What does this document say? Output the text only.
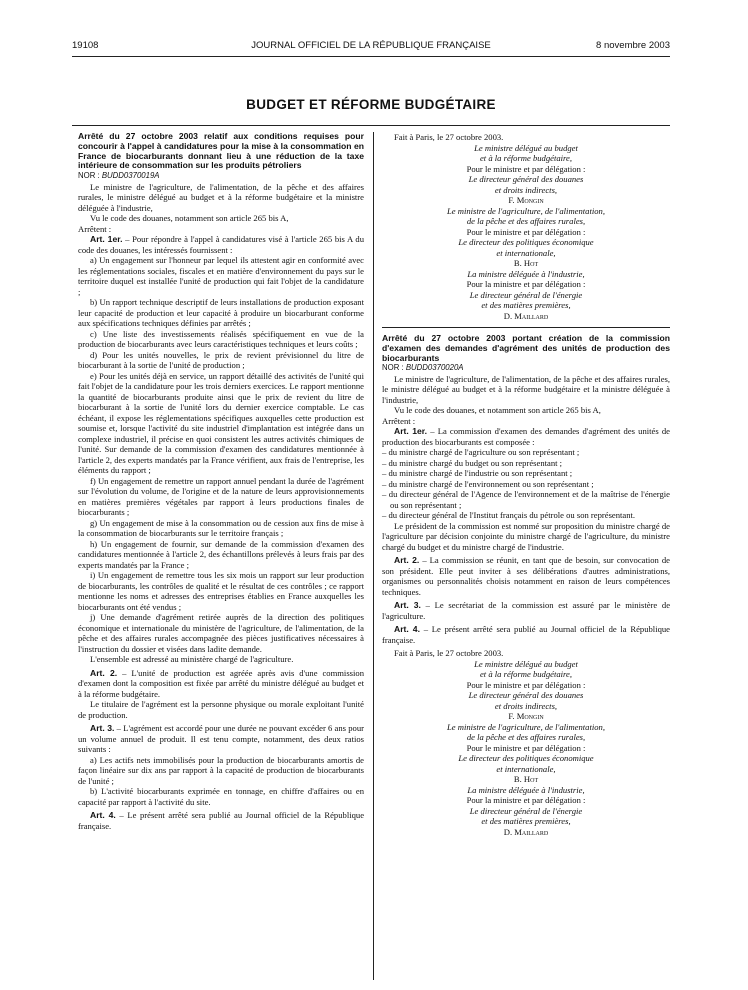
19108	JOURNAL OFFICIEL DE LA RÉPUBLIQUE FRANÇAISE	8 novembre 2003
BUDGET ET RÉFORME BUDGÉTAIRE

Arrêté du 27 octobre 2003 relatif aux conditions requises pour concourir à l'appel à candidatures pour la mise à la consommation en France de biocarburants donnant lieu à une réduction de la taxe intérieure de consommation sur les produits pétroliers

NOR : BUDD0370019A

Le ministre de l'agriculture, de l'alimentation, de la pêche et des affaires rurales, le ministre délégué au budget et à la réforme budgétaire et la ministre déléguée à l'industrie,

Vu le code des douanes, notamment son article 265 bis A,

Arrêtent :

Art. 1er. – Pour répondre à l'appel à candidatures visé à l'article 265 bis A du code des douanes, les intéressés fournissent :

a) Un engagement sur l'honneur par lequel ils attestent agir en conformité avec les réglementations sociales, fiscales et en matière d'environnement du pays sur le territoire duquel est installée l'unité de production qui fait l'objet de la candidature ;

b) Un rapport technique descriptif de leurs installations de production exposant leur capacité de production et leur capacité à produire un biocarburant conforme aux spécifications techniques définies par arrêtés ;

c) Une liste des investissements réalisés spécifiquement en vue de la production de biocarburants avec leurs caractéristiques techniques et leurs coûts ;

d) Pour les unités nouvelles, le prix de revient prévisionnel du litre de biocarburant à la sortie de l'unité de production ;

e) Pour les unités déjà en service, un rapport détaillé des activités de l'unité qui fait l'objet de la candidature pour les trois derniers exercices. Le rapport mentionne la quantité de biocarburants produite ainsi que le prix de revient du litre de biocarburant à la sortie de l'unité lors du dernier exercice comptable. Le cas échéant, il expose les réglementations spécifiques auxquelles cette production est soumise et, lorsque l'activité du site industriel d'implantation est intégrée dans un complexe industriel, il précise en quoi consistent les autres activités chimiques de l'unité. Sur demande de la commission d'examen des candidatures mentionnée à l'article 2, des experts mandatés par la France vérifient, aux frais de l'entreprise, les éléments du rapport ;

f) Un engagement de remettre un rapport annuel pendant la durée de l'agrément sur l'évolution du volume, de l'origine et de la nature de leurs approvisionnements en matières premières végétales par rapport à leurs productions finales de biocarburants ;

g) Un engagement de mise à la consommation ou de cession aux fins de mise à la consommation de biocarburants sur le territoire français ;

h) Un engagement de fournir, sur demande de la commission d'examen des candidatures mentionnée à l'article 2, des échantillons prélevés à leurs frais par des experts mandatés par la France ;

i) Un engagement de remettre tous les six mois un rapport sur leur production de biocarburants, les contrôles de qualité et le résultat de ces contrôles ; ce rapport mentionne les noms et adresses des entreprises établies en France auxquelles les biocarburants ont été vendus ;

j) Une demande d'agrément retirée auprès de la direction des politiques économique et internationale du ministère de l'agriculture, de l'alimentation, de la pêche et des affaires rurales accompagnée des pièces justificatives nécessaires à l'instruction du dossier et visées dans ladite demande.

L'ensemble est adressé au ministère chargé de l'agriculture.

Art. 2. – L'unité de production est agréée après avis d'une commission d'examen dont la composition est fixée par arrêté du ministre délégué au budget et à la réforme budgétaire.

Le titulaire de l'agrément est la personne physique ou morale exploitant l'unité de production.

Art. 3. – L'agrément est accordé pour une durée ne pouvant excéder 6 ans pour un volume annuel de produit. Il est tenu compte, notamment, des deux ratios suivants :

a) Les actifs nets immobilisés pour la production de biocarburants amortis de façon linéaire sur dix ans par rapport à la capacité de production de biocarburants de l'unité ;

b) L'activité biocarburants exprimée en tonnage, en chiffre d'affaires ou en capacité par rapport à l'activité du site.

Art. 4. – Le présent arrêté sera publié au Journal officiel de la République française.

Fait à Paris, le 27 octobre 2003.

Le ministre délégué au budget
et à la réforme budgétaire,
Pour le ministre et par délégation :
Le directeur général des douanes
et droits indirects,
F. Mongin
Le ministre de l'agriculture, de l'alimentation,
de la pêche et des affaires rurales,
Pour le ministre et par délégation :
Le directeur des politiques économique
et internationale,
B. Hot
La ministre déléguée à l'industrie,
Pour la ministre et par délégation :
Le directeur général de l'énergie
et des matières premières,
D. Maillard

Arrêté du 27 octobre 2003 portant création de la commission d'examen des demandes d'agrément des unités de production des biocarburants

NOR : BUDD0370020A

Le ministre de l'agriculture, de l'alimentation, de la pêche et des affaires rurales, le ministre délégué au budget et à la réforme budgétaire et la ministre déléguée à l'industrie,

Vu le code des douanes, et notamment son article 265 bis A,

Arrêtent :

Art. 1er. – La commission d'examen des demandes d'agrément des unités de production des biocarburants est composée :

– du ministre chargé de l'agriculture ou son représentant ;
– du ministre chargé du budget ou son représentant ;
– du ministre chargé de l'industrie ou son représentant ;
– du ministre chargé de l'environnement ou son représentant ;
– du directeur général de l'Agence de l'environnement et de la maîtrise de l'énergie ou son représentant ;
– du directeur général de l'Institut français du pétrole ou son représentant.

Le président de la commission est nommé sur proposition du ministre chargé de l'agriculture par décision conjointe du ministre chargé de l'agriculture, du ministre chargé du budget et du ministre chargé de l'industrie.

Art. 2. – La commission se réunit, en tant que de besoin, sur convocation de son président. Elle peut inviter à ses délibérations d'autres administrations, organismes ou personnalités choisis notamment en raison de leurs compétences techniques.

Art. 3. – Le secrétariat de la commission est assuré par le ministère de l'agriculture.

Art. 4. – Le présent arrêté sera publié au Journal officiel de la République française.

Fait à Paris, le 27 octobre 2003.

Le ministre délégué au budget
et à la réforme budgétaire,
Pour le ministre et par délégation :
Le directeur général des douanes
et droits indirects,
F. Mongin
Le ministre de l'agriculture, de l'alimentation,
de la pêche et des affaires rurales,
Pour le ministre et par délégation :
Le directeur des politiques économique
et internationale,
B. Hot
La ministre déléguée à l'industrie,
Pour la ministre et par délégation :
Le directeur général de l'énergie
et des matières premières,
D. Maillard
